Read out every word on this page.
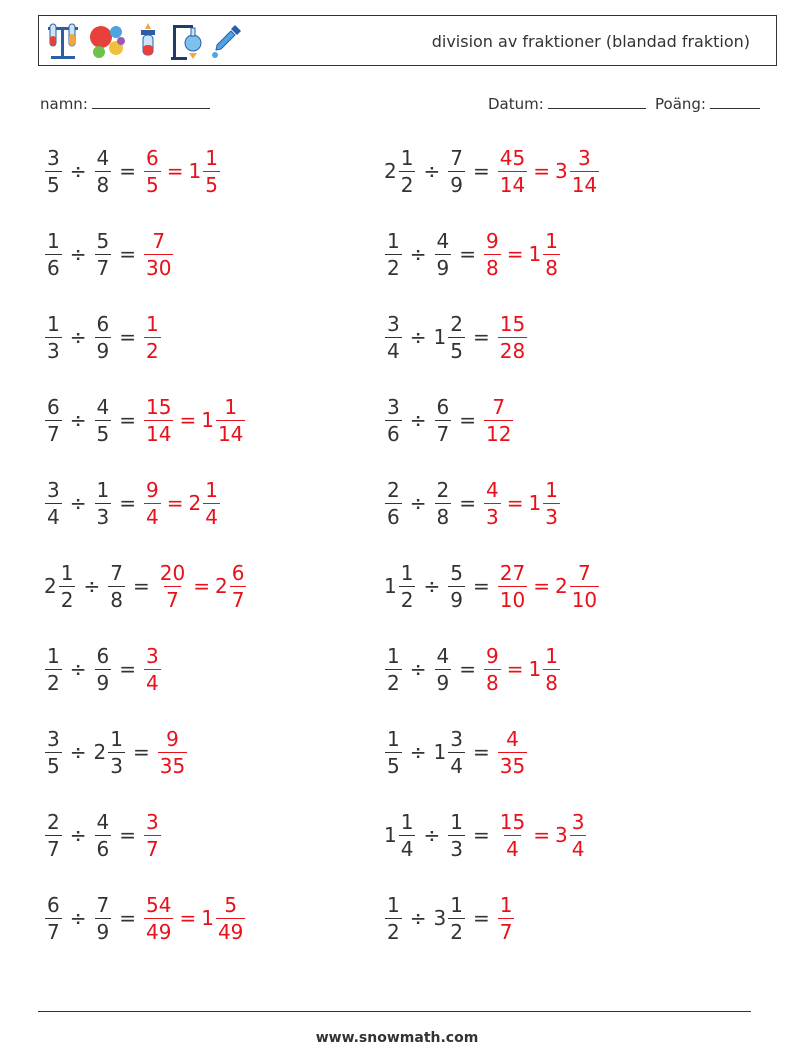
division av fraktioner (blandad fraktion)
namn:	Datum:	Poäng:
$\frac{3}{5} \div \frac{4}{8} = \frac{6}{5} = 1 \frac{1}{5}$	$2 \frac{1}{2} \div \frac{7}{9} = \frac{45}{14} = 3 \frac{3}{14}$
$\frac{1}{6} \div \frac{5}{7} = \frac{7}{30}$	$\frac{1}{2} \div \frac{4}{9} = \frac{9}{8} = 1 \frac{1}{8}$
$\frac{1}{3} \div \frac{6}{9} = \frac{1}{2}$	$\frac{3}{4} \div 1 \frac{2}{5} = \frac{15}{28}$
$\frac{6}{7} \div \frac{4}{5} = \frac{15}{14} = 1 \frac{1}{14}$	$\frac{3}{6} \div \frac{6}{7} = \frac{7}{12}$
$\frac{3}{4} \div \frac{1}{3} = \frac{9}{4} = 2 \frac{1}{4}$	$\frac{2}{6} \div \frac{2}{8} = \frac{4}{3} = 1 \frac{1}{3}$
$2 \frac{1}{2} \div \frac{7}{8} = \frac{20}{7} = 2 \frac{6}{7}$	$1 \frac{1}{2} \div \frac{5}{9} = \frac{27}{10} = 2 \frac{7}{10}$
$\frac{1}{2} \div \frac{6}{9} = \frac{3}{4}$	$\frac{1}{2} \div \frac{4}{9} = \frac{9}{8} = 1 \frac{1}{8}$
$\frac{3}{5} \div 2 \frac{1}{3} = \frac{9}{35}$	$\frac{1}{5} \div 1 \frac{3}{4} = \frac{4}{35}$
$\frac{2}{7} \div \frac{4}{6} = \frac{3}{7}$	$1 \frac{1}{4} \div \frac{1}{3} = \frac{15}{4} = 3 \frac{3}{4}$
$\frac{6}{7} \div \frac{7}{9} = \frac{54}{49} = 1 \frac{5}{49}$	$\frac{1}{2} \div 3 \frac{1}{2} = \frac{1}{7}$
www.snowmath.com
